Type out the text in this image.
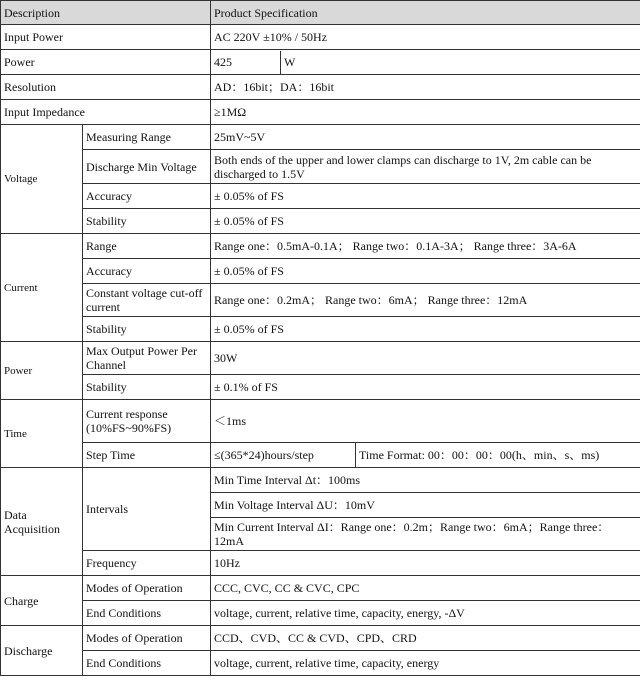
Description		Product Specification	
Input Power		AC 220V ±10% / 50Hz	
Power		425 W	

Resolution		AD：16bit；DA：16bit	
Input Impedance		≥1MΩ	
Voltage	Measuring Range	25mV~5V	
	Discharge Min Voltage	Both ends of the upper and lower clamps can discharge to 1V, 2m cable can be discharged to 1.5V	
	Accuracy	± 0.05% of FS	
	Stability	± 0.05% of FS	
Current	Range	Range one：0.5mA-0.1A； Range two：0.1A-3A； Range three：3A-6A	
	Accuracy	± 0.05% of FS	
	Constant voltage cut-off current	Range one：0.2mA； Range two：6mA； Range three：12mA	
	Stability	± 0.05% of FS	
Power	Max Output Power Per Channel	30W	
	Stability	± 0.1% of FS	
Time	Current response (10%FS~90%FS)	＜1ms	
	Step Time	≤(365*24)hours/step	Time Format: 00：00：00：00(h、min、s、ms)
Data Acquisition	Intervals	Min Time Interval Δt：100ms	
		Min Voltage Interval ΔU：10mV	
		Min Current Interval ΔI：Range one：0.2m；Range two：6mA；Range three：12mA	
	Frequency	10Hz	
Charge	Modes of Operation	CCC, CVC, CC & CVC, CPC	
	End Conditions	voltage, current, relative time, capacity, energy, -ΔV	
Discharge	Modes of Operation	CCD、CVD、CC & CVD、CPD、CRD	
	End Conditions	voltage, current, relative time, capacity, energy	
